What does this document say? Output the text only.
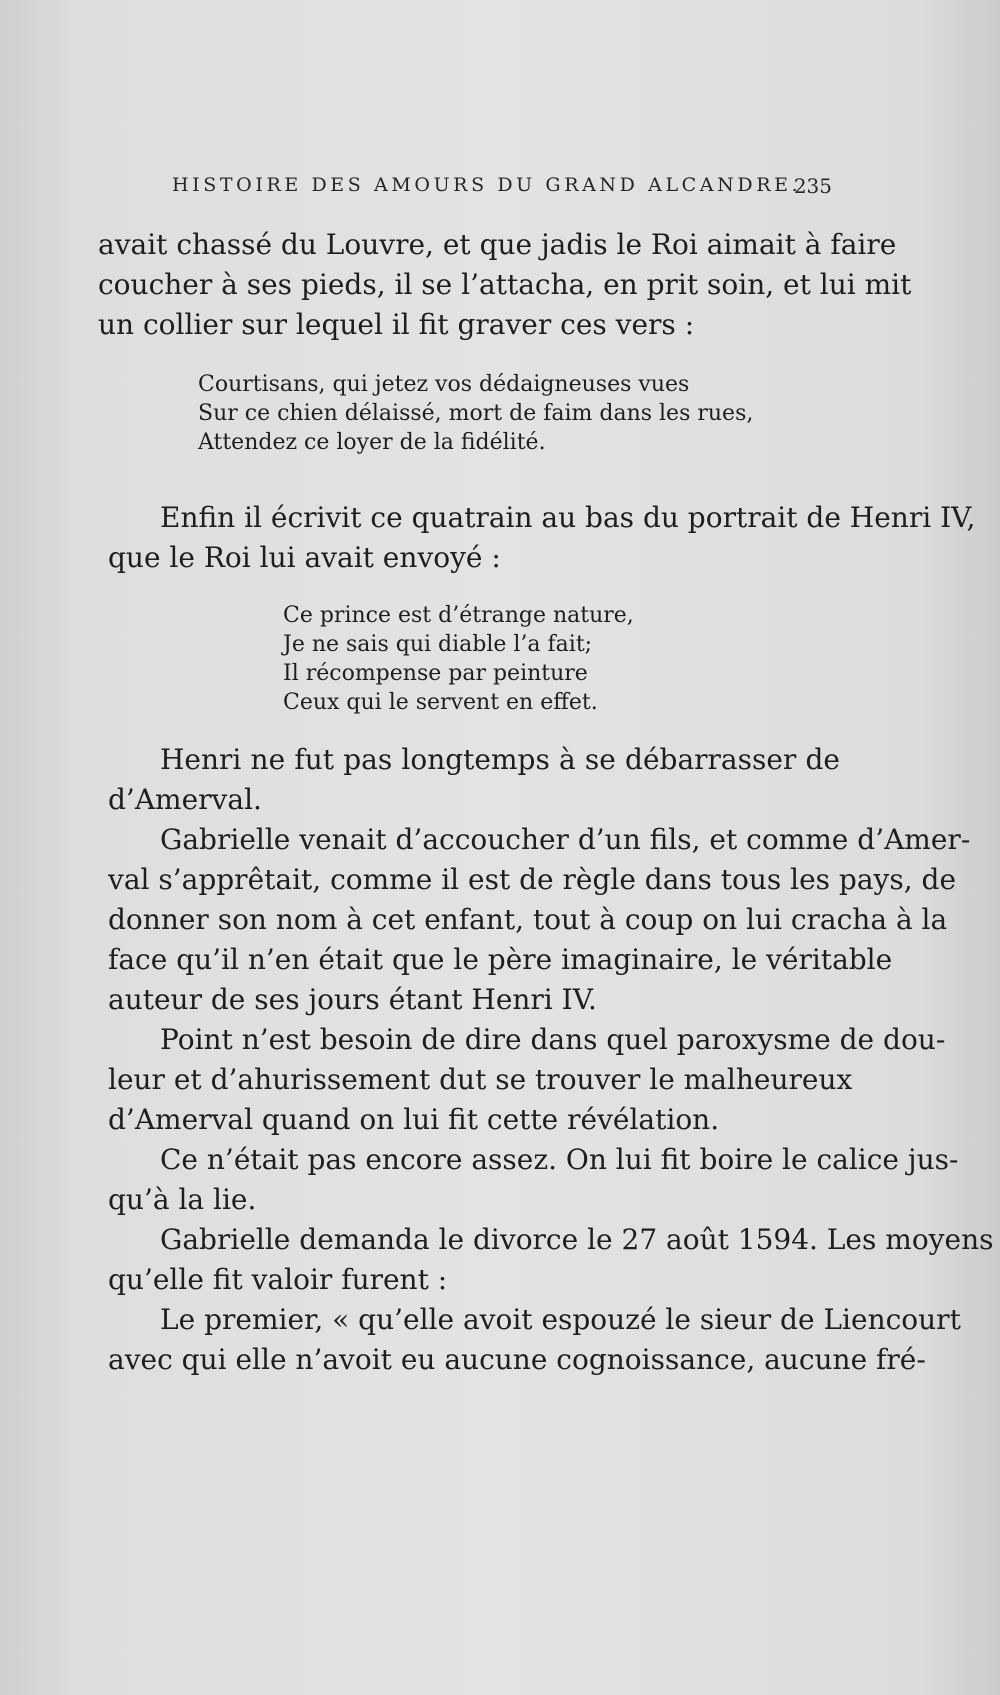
HISTOIRE DES AMOURS DU GRAND ALCANDRE.
235
avait chassé du Louvre, et que jadis le Roi aimait à faire
coucher à ses pieds, il se l’attacha, en prit soin, et lui mit
un collier sur lequel il fit graver ces vers :
Courtisans, qui jetez vos dédaigneuses vues
Sur ce chien délaissé, mort de faim dans les rues,
Attendez ce loyer de la fidélité.
Enfin il écrivit ce quatrain au bas du portrait de Henri IV,
que le Roi lui avait envoyé :
Ce prince est d’étrange nature,
Je ne sais qui diable l’a fait;
Il récompense par peinture
Ceux qui le servent en effet.
Henri ne fut pas longtemps à se débarrasser de
d’Amerval.
Gabrielle venait d’accoucher d’un fils, et comme d’Amer-
val s’apprêtait, comme il est de règle dans tous les pays, de
donner son nom à cet enfant, tout à coup on lui cracha à la
face qu’il n’en était que le père imaginaire, le véritable
auteur de ses jours étant Henri IV.
Point n’est besoin de dire dans quel paroxysme de dou-
leur et d’ahurissement dut se trouver le malheureux
d’Amerval quand on lui fit cette révélation.
Ce n’était pas encore assez. On lui fit boire le calice jus-
qu’à la lie.
Gabrielle demanda le divorce le 27 août 1594. Les moyens
qu’elle fit valoir furent :
Le premier, « qu’elle avoit espouzé le sieur de Liencourt
avec qui elle n’avoit eu aucune cognoissance, aucune fré-
